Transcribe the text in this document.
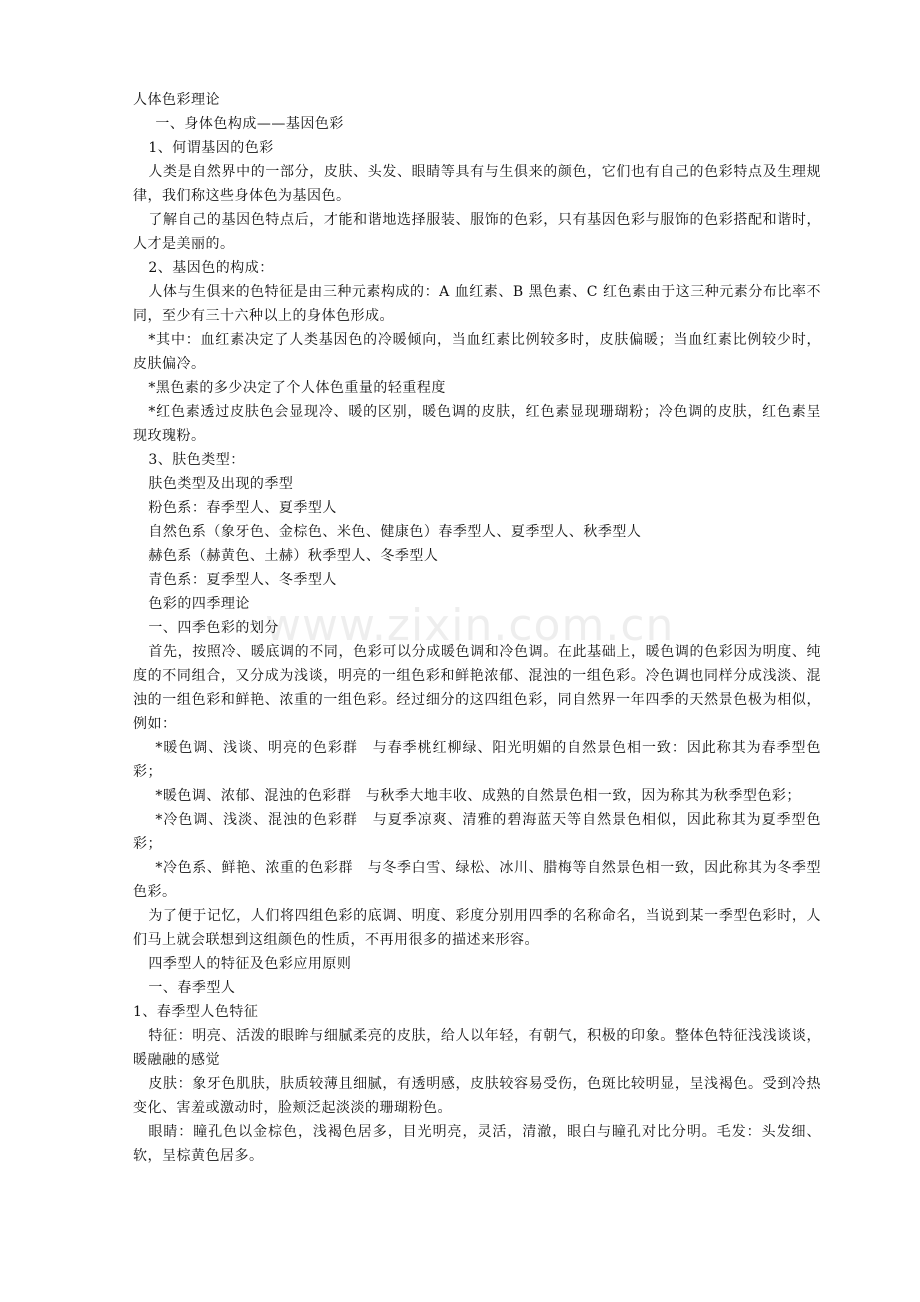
人体色彩理论

一、身体色构成——基因色彩

1、何谓基因的色彩

人类是自然界中的一部分，皮肤、头发、眼睛等具有与生俱来的颜色，它们也有自己的色彩特点及生理规律，我们称这些身体色为基因色。

了解自己的基因色特点后，才能和谐地选择服装、服饰的色彩，只有基因色彩与服饰的色彩搭配和谐时，人才是美丽的。

2、基因色的构成：

人体与生俱来的色特征是由三种元素构成的：A 血红素、B 黑色素、C 红色素由于这三种元素分布比率不同，至少有三十六种以上的身体色形成。

*其中：血红素决定了人类基因色的冷暖倾向，当血红素比例较多时，皮肤偏暖；当血红素比例较少时，皮肤偏冷。

*黑色素的多少决定了个人体色重量的轻重程度

*红色素透过皮肤色会显现冷、暖的区别，暖色调的皮肤，红色素显现珊瑚粉；冷色调的皮肤，红色素呈现玫瑰粉。

3、肤色类型：

肤色类型及出现的季型

粉色系：春季型人、夏季型人

自然色系（象牙色、金棕色、米色、健康色）春季型人、夏季型人、秋季型人

赫色系（赫黄色、土赫）秋季型人、冬季型人

青色系：夏季型人、冬季型人

色彩的四季理论

一、四季色彩的划分

首先，按照冷、暖底调的不同，色彩可以分成暖色调和冷色调。在此基础上，暖色调的色彩因为明度、纯度的不同组合，又分成为浅谈，明亮的一组色彩和鲜艳浓郁、混浊的一组色彩。冷色调也同样分成浅淡、混浊的一组色彩和鲜艳、浓重的一组色彩。经过细分的这四组色彩，同自然界一年四季的天然景色极为相似，例如：

*暖色调、浅谈、明亮的色彩群　与春季桃红柳绿、阳光明媚的自然景色相一致：因此称其为春季型色彩；

*暖色调、浓郁、混浊的色彩群　与秋季大地丰收、成熟的自然景色相一致，因为称其为秋季型色彩；

*冷色调、浅淡、混浊的色彩群　与夏季凉爽、清雅的碧海蓝天等自然景色相似，因此称其为夏季型色彩；

*冷色系、鲜艳、浓重的色彩群　与冬季白雪、绿松、冰川、腊梅等自然景色相一致，因此称其为冬季型色彩。

为了便于记忆，人们将四组色彩的底调、明度、彩度分别用四季的名称命名，当说到某一季型色彩时，人们马上就会联想到这组颜色的性质，不再用很多的描述来形容。

四季型人的特征及色彩应用原则

一、春季型人

1、春季型人色特征

特征：明亮、活泼的眼眸与细腻柔亮的皮肤，给人以年轻，有朝气，积极的印象。整体色特征浅浅谈谈，暖融融的感觉

皮肤：象牙色肌肤，肤质较薄且细腻，有透明感，皮肤较容易受伤，色斑比较明显，呈浅褐色。受到冷热变化、害羞或激动时，脸颊泛起淡淡的珊瑚粉色。

眼睛：瞳孔色以金棕色，浅褐色居多，目光明亮，灵活，清澈，眼白与瞳孔对比分明。毛发：头发细、软，呈棕黄色居多。

www.zixin.com.cn
